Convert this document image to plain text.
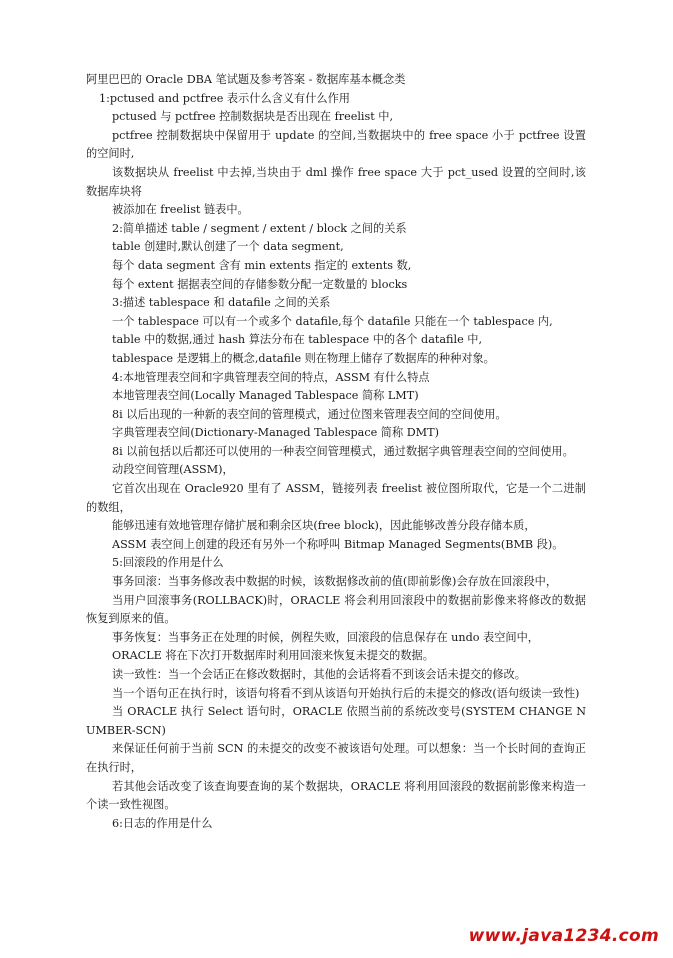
阿里巴巴的 Oracle DBA 笔试题及参考答案 - 数据库基本概念类

1:pctused and pctfree 表示什么含义有什么作用

pctused 与 pctfree 控制数据块是否出现在 freelist 中,

pctfree 控制数据块中保留用于 update 的空间,当数据块中的 free space 小于 pctfree 设置的空间时,

该数据块从 freelist 中去掉,当块由于 dml 操作 free space 大于 pct_used 设置的空间时,该数据库块将

被添加在 freelist 链表中。

2:简单描述 table / segment / extent / block 之间的关系

table 创建时,默认创建了一个 data segment,

每个 data segment 含有 min extents 指定的 extents 数,

每个 extent 据据表空间的存储参数分配一定数量的 blocks

3:描述 tablespace 和 datafile 之间的关系

一个 tablespace 可以有一个或多个 datafile,每个 datafile 只能在一个 tablespace 内,

table 中的数据,通过 hash 算法分布在 tablespace 中的各个 datafile 中,

tablespace 是逻辑上的概念,datafile 则在物理上储存了数据库的种种对象。

4:本地管理表空间和字典管理表空间的特点，ASSM 有什么特点

本地管理表空间(Locally Managed Tablespace 简称 LMT)

8i 以后出现的一种新的表空间的管理模式，通过位图来管理表空间的空间使用。

字典管理表空间(Dictionary-Managed Tablespace 简称 DMT)

8i 以前包括以后都还可以使用的一种表空间管理模式，通过数据字典管理表空间的空间使用。

动段空间管理(ASSM)，

它首次出现在 Oracle920 里有了 ASSM，链接列表 freelist 被位图所取代，它是一个二进制的数组，

能够迅速有效地管理存储扩展和剩余区块(free block)，因此能够改善分段存储本质，

ASSM 表空间上创建的段还有另外一个称呼叫 Bitmap Managed Segments(BMB 段)。

5:回滚段的作用是什么

事务回滚：当事务修改表中数据的时候，该数据修改前的值(即前影像)会存放在回滚段中，

当用户回滚事务(ROLLBACK)时，ORACLE 将会利用回滚段中的数据前影像来将修改的数据恢复到原来的值。

事务恢复：当事务正在处理的时候，例程失败，回滚段的信息保存在 undo 表空间中，

ORACLE 将在下次打开数据库时利用回滚来恢复未提交的数据。

读一致性：当一个会话正在修改数据时，其他的会话将看不到该会话未提交的修改。

当一个语句正在执行时，该语句将看不到从该语句开始执行后的未提交的修改(语句级读一致性)

当 ORACLE 执行 Select 语句时，ORACLE 依照当前的系统改变号(SYSTEM CHANGE NUMBER-SCN)

来保证任何前于当前 SCN 的未提交的改变不被该语句处理。可以想象：当一个长时间的查询正在执行时，

若其他会话改变了该查询要查询的某个数据块，ORACLE 将利用回滚段的数据前影像来构造一个读一致性视图。

6:日志的作用是什么

www.java1234.com
